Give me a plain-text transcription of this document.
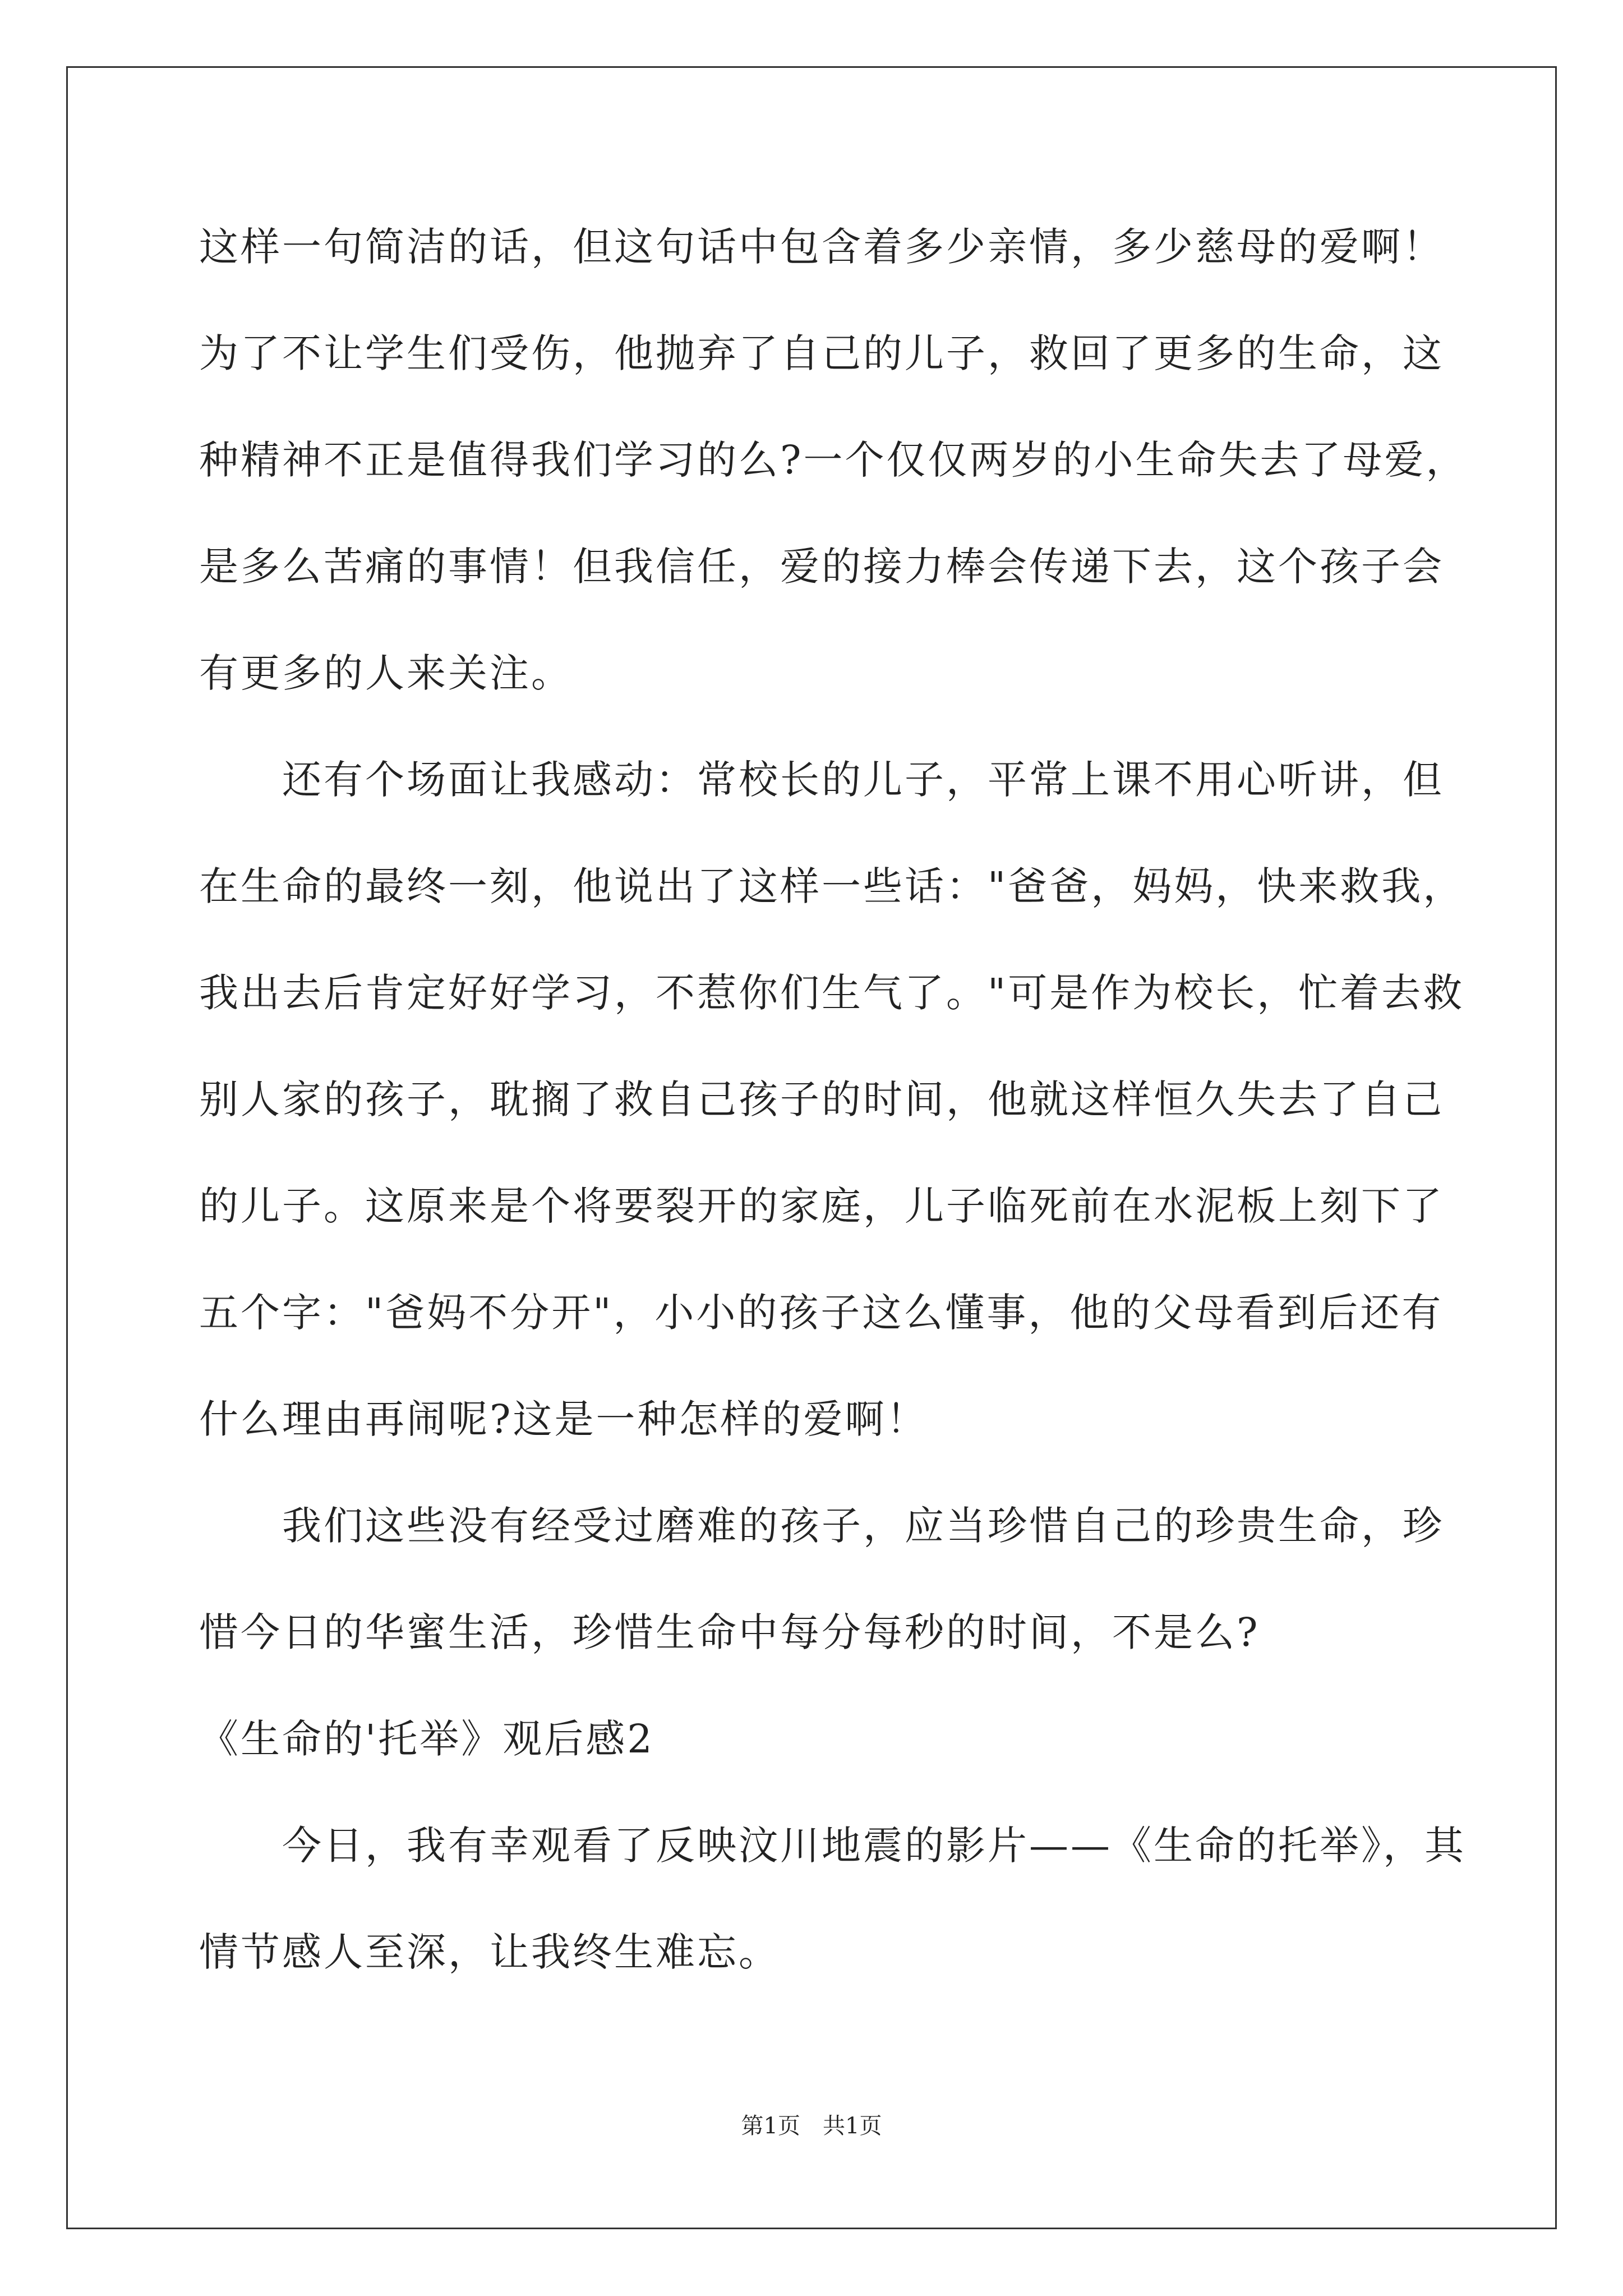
这样一句简洁的话，但这句话中包含着多少亲情，多少慈母的爱啊！
为了不让学生们受伤，他抛弃了自己的儿子，救回了更多的生命，这
种精神不正是值得我们学习的么?一个仅仅两岁的小生命失去了母爱，
是多么苦痛的事情！但我信任，爱的接力棒会传递下去，这个孩子会
有更多的人来关注。
还有个场面让我感动：常校长的儿子，平常上课不用心听讲，但
在生命的最终一刻，他说出了这样一些话："爸爸，妈妈，快来救我，
我出去后肯定好好学习，不惹你们生气了。"可是作为校长，忙着去救
别人家的孩子，耽搁了救自己孩子的时间，他就这样恒久失去了自己
的儿子。这原来是个将要裂开的家庭，儿子临死前在水泥板上刻下了
五个字："爸妈不分开"，小小的孩子这么懂事，他的父母看到后还有
什么理由再闹呢?这是一种怎样的爱啊！
我们这些没有经受过磨难的孩子，应当珍惜自己的珍贵生命，珍
惜今日的华蜜生活，珍惜生命中每分每秒的时间，不是么?
《生命的'托举》观后感2
今日，我有幸观看了反映汶川地震的影片——《生命的托举》，其
情节感人至深，让我终生难忘。
第1页　共1页
